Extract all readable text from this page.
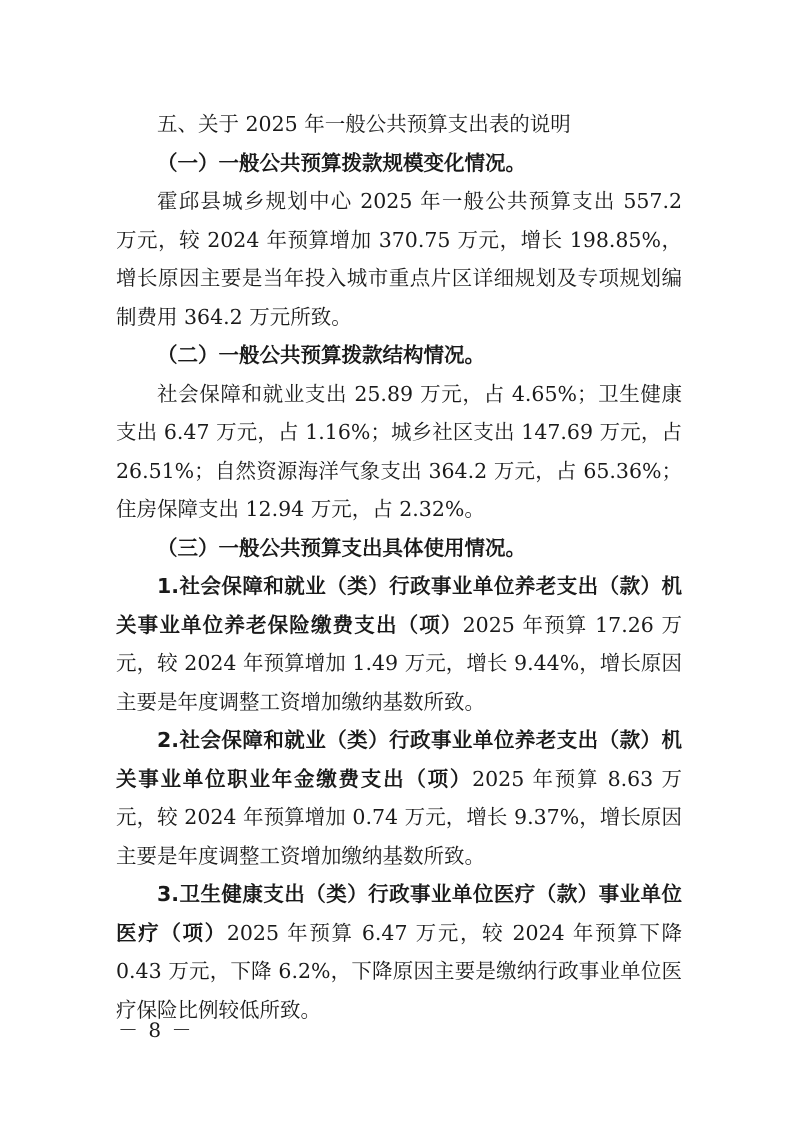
五、关于 2025 年一般公共预算支出表的说明

（一）一般公共预算拨款规模变化情况。

霍邱县城乡规划中心 2025 年一般公共预算支出 557.2 万元，较 2024 年预算增加 370.75 万元，增长 198.85%，增长原因主要是当年投入城市重点片区详细规划及专项规划编制费用 364.2 万元所致。

（二）一般公共预算拨款结构情况。

社会保障和就业支出 25.89 万元，占 4.65%；卫生健康支出 6.47 万元，占 1.16%；城乡社区支出 147.69 万元，占 26.51%；自然资源海洋气象支出 364.2 万元，占 65.36%；住房保障支出 12.94 万元，占 2.32%。

（三）一般公共预算支出具体使用情况。

1.社会保障和就业（类）行政事业单位养老支出（款）机关事业单位养老保险缴费支出（项）2025 年预算 17.26 万元，较 2024 年预算增加 1.49 万元，增长 9.44%，增长原因主要是年度调整工资增加缴纳基数所致。

2.社会保障和就业（类）行政事业单位养老支出（款）机关事业单位职业年金缴费支出（项）2025 年预算 8.63 万元，较 2024 年预算增加 0.74 万元，增长 9.37%，增长原因主要是年度调整工资增加缴纳基数所致。

3.卫生健康支出（类）行政事业单位医疗（款）事业单位医疗（项）2025 年预算 6.47 万元，较 2024 年预算下降 0.43 万元，下降 6.2%，下降原因主要是缴纳行政事业单位医疗保险比例较低所致。

－ 8 －
